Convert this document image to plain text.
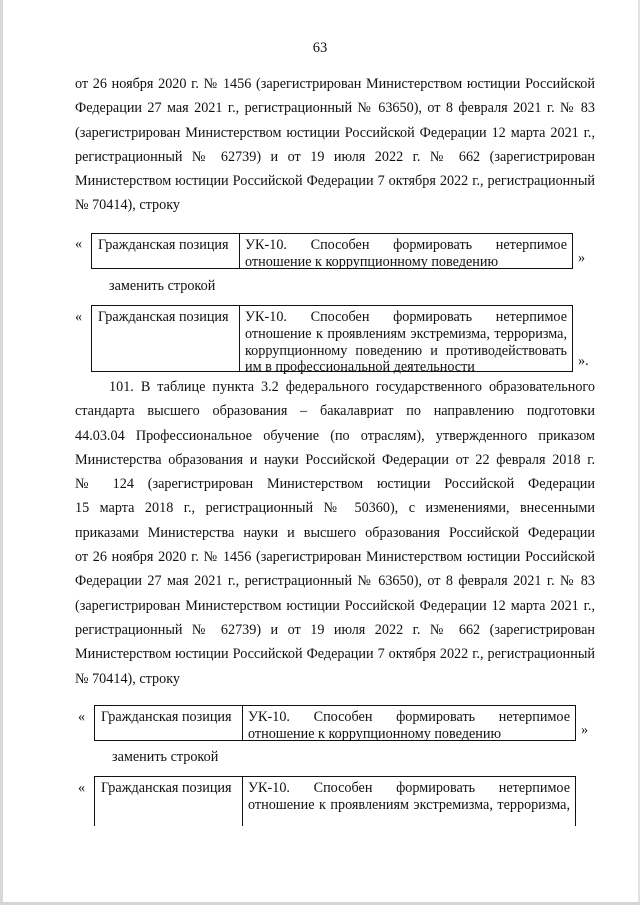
63
от 26 ноября 2020 г. № 1456 (зарегистрирован Министерством юстиции Российской
Федерации 27 мая 2021 г., регистрационный № 63650), от 8 февраля 2021 г. № 83
(зарегистрирован Министерством юстиции Российской Федерации 12 марта 2021 г.,
регистрационный № 62739) и от 19 июля 2022 г. № 662 (зарегистрирован
Министерством юстиции Российской Федерации 7 октября 2022 г., регистрационный
№ 70414), строку
«	Гражданская позиция	УК-10. Способен формировать нетерпимое
отношение к коррупционному поведению	»
заменить строкой
«	Гражданская позиция	УК-10. Способен формировать нетерпимое
отношение к проявлениям экстремизма, терроризма,
коррупционному поведению и противодействовать
им в профессиональной деятельности	».
101. В таблице пункта 3.2 федерального государственного образовательного
стандарта высшего образования – бакалавриат по направлению подготовки
44.03.04 Профессиональное обучение (по отраслям), утвержденного приказом
Министерства образования и науки Российской Федерации от 22 февраля 2018 г.
№ 124 (зарегистрирован Министерством юстиции Российской Федерации
15 марта 2018 г., регистрационный № 50360), с изменениями, внесенными
приказами Министерства науки и высшего образования Российской Федерации
от 26 ноября 2020 г. № 1456 (зарегистрирован Министерством юстиции Российской
Федерации 27 мая 2021 г., регистрационный № 63650), от 8 февраля 2021 г. № 83
(зарегистрирован Министерством юстиции Российской Федерации 12 марта 2021 г.,
регистрационный № 62739) и от 19 июля 2022 г. № 662 (зарегистрирован
Министерством юстиции Российской Федерации 7 октября 2022 г., регистрационный
№ 70414), строку
«	Гражданская позиция	УК-10. Способен формировать нетерпимое
отношение к коррупционному поведению	»
заменить строкой
«	Гражданская позиция	УК-10. Способен формировать нетерпимое
отношение к проявлениям экстремизма, терроризма,
